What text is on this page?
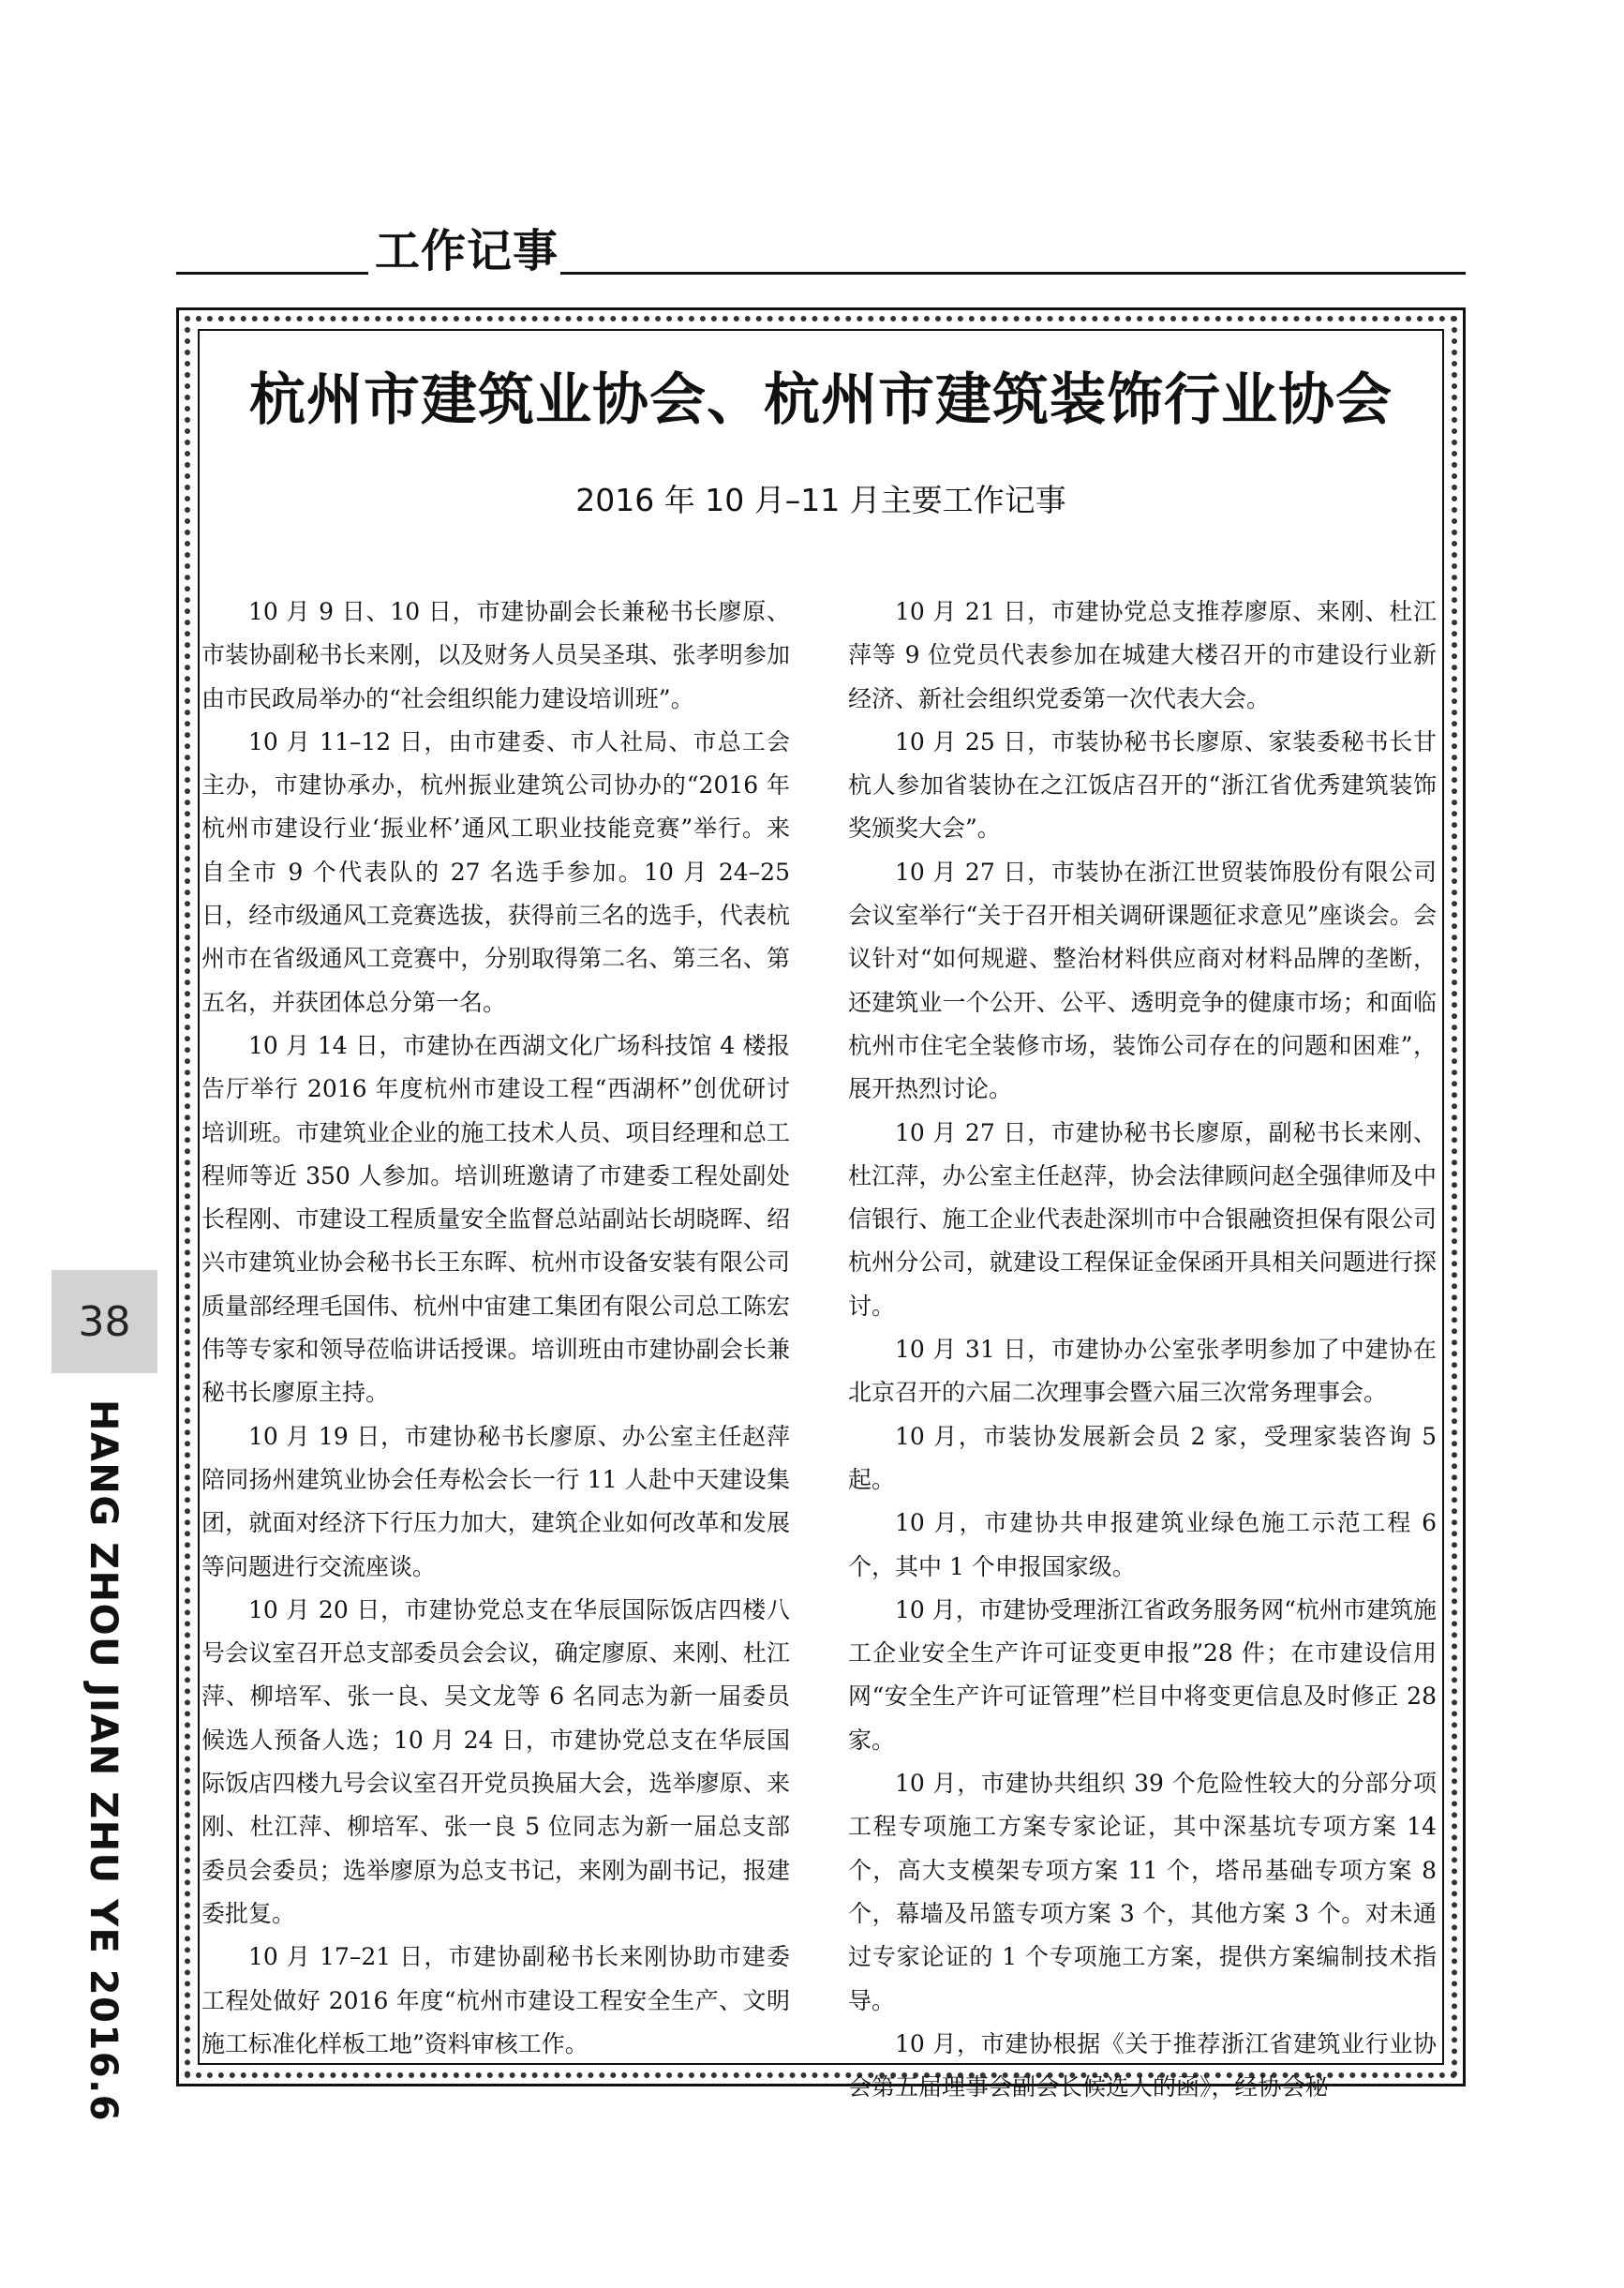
工作记事
杭州市建筑业协会、杭州市建筑装饰行业协会
2016 年 10 月–11 月主要工作记事

10 月 9 日、10 日，市建协副会长兼秘书长廖原、市装协副秘书长来刚，以及财务人员吴圣琪、张孝明参加由市民政局举办的“社会组织能力建设培训班”。

10 月 11–12 日，由市建委、市人社局、市总工会主办，市建协承办，杭州振业建筑公司协办的“2016 年杭州市建设行业‘振业杯’通风工职业技能竞赛”举行。来自全市 9 个代表队的 27 名选手参加。10 月 24–25 日，经市级通风工竞赛选拔，获得前三名的选手，代表杭州市在省级通风工竞赛中，分别取得第二名、第三名、第五名，并获团体总分第一名。

10 月 14 日，市建协在西湖文化广场科技馆 4 楼报告厅举行 2016 年度杭州市建设工程“西湖杯”创优研讨培训班。市建筑业企业的施工技术人员、项目经理和总工程师等近 350 人参加。培训班邀请了市建委工程处副处长程刚、市建设工程质量安全监督总站副站长胡晓晖、绍兴市建筑业协会秘书长王东晖、杭州市设备安装有限公司质量部经理毛国伟、杭州中宙建工集团有限公司总工陈宏伟等专家和领导莅临讲话授课。培训班由市建协副会长兼秘书长廖原主持。

10 月 19 日，市建协秘书长廖原、办公室主任赵萍陪同扬州建筑业协会任寿松会长一行 11 人赴中天建设集团，就面对经济下行压力加大，建筑企业如何改革和发展等问题进行交流座谈。

10 月 20 日，市建协党总支在华辰国际饭店四楼八号会议室召开总支部委员会会议，确定廖原、来刚、杜江萍、柳培军、张一良、吴文龙等 6 名同志为新一届委员候选人预备人选；10 月 24 日，市建协党总支在华辰国际饭店四楼九号会议室召开党员换届大会，选举廖原、来刚、杜江萍、柳培军、张一良 5 位同志为新一届总支部委员会委员；选举廖原为总支书记，来刚为副书记，报建委批复。

10 月 17–21 日，市建协副秘书长来刚协助市建委工程处做好 2016 年度“杭州市建设工程安全生产、文明施工标准化样板工地”资料审核工作。

10 月 21 日，市建协党总支推荐廖原、来刚、杜江萍等 9 位党员代表参加在城建大楼召开的市建设行业新经济、新社会组织党委第一次代表大会。

10 月 25 日，市装协秘书长廖原、家装委秘书长甘杭人参加省装协在之江饭店召开的“浙江省优秀建筑装饰奖颁奖大会”。

10 月 27 日，市装协在浙江世贸装饰股份有限公司会议室举行“关于召开相关调研课题征求意见”座谈会。会议针对“如何规避、整治材料供应商对材料品牌的垄断，还建筑业一个公开、公平、透明竞争的健康市场；和面临杭州市住宅全装修市场，装饰公司存在的问题和困难”，展开热烈讨论。

10 月 27 日，市建协秘书长廖原，副秘书长来刚、杜江萍，办公室主任赵萍，协会法律顾问赵全强律师及中信银行、施工企业代表赴深圳市中合银融资担保有限公司杭州分公司，就建设工程保证金保函开具相关问题进行探讨。

10 月 31 日，市建协办公室张孝明参加了中建协在北京召开的六届二次理事会暨六届三次常务理事会。

10 月，市装协发展新会员 2 家，受理家装咨询 5 起。

10 月，市建协共申报建筑业绿色施工示范工程 6 个，其中 1 个申报国家级。

10 月，市建协受理浙江省政务服务网“杭州市建筑施工企业安全生产许可证变更申报”28 件；在市建设信用网“安全生产许可证管理”栏目中将变更信息及时修正 28 家。

10 月，市建协共组织 39 个危险性较大的分部分项工程专项施工方案专家论证，其中深基坑专项方案 14 个，高大支模架专项方案 11 个，塔吊基础专项方案 8 个，幕墙及吊篮专项方案 3 个，其他方案 3 个。对未通过专家论证的 1 个专项施工方案，提供方案编制技术指导。

10 月，市建协根据《关于推荐浙江省建筑业行业协会第五届理事会副会长候选人的函》，经协会秘

38
HANG ZHOU JIAN ZHU YE 2016.6
